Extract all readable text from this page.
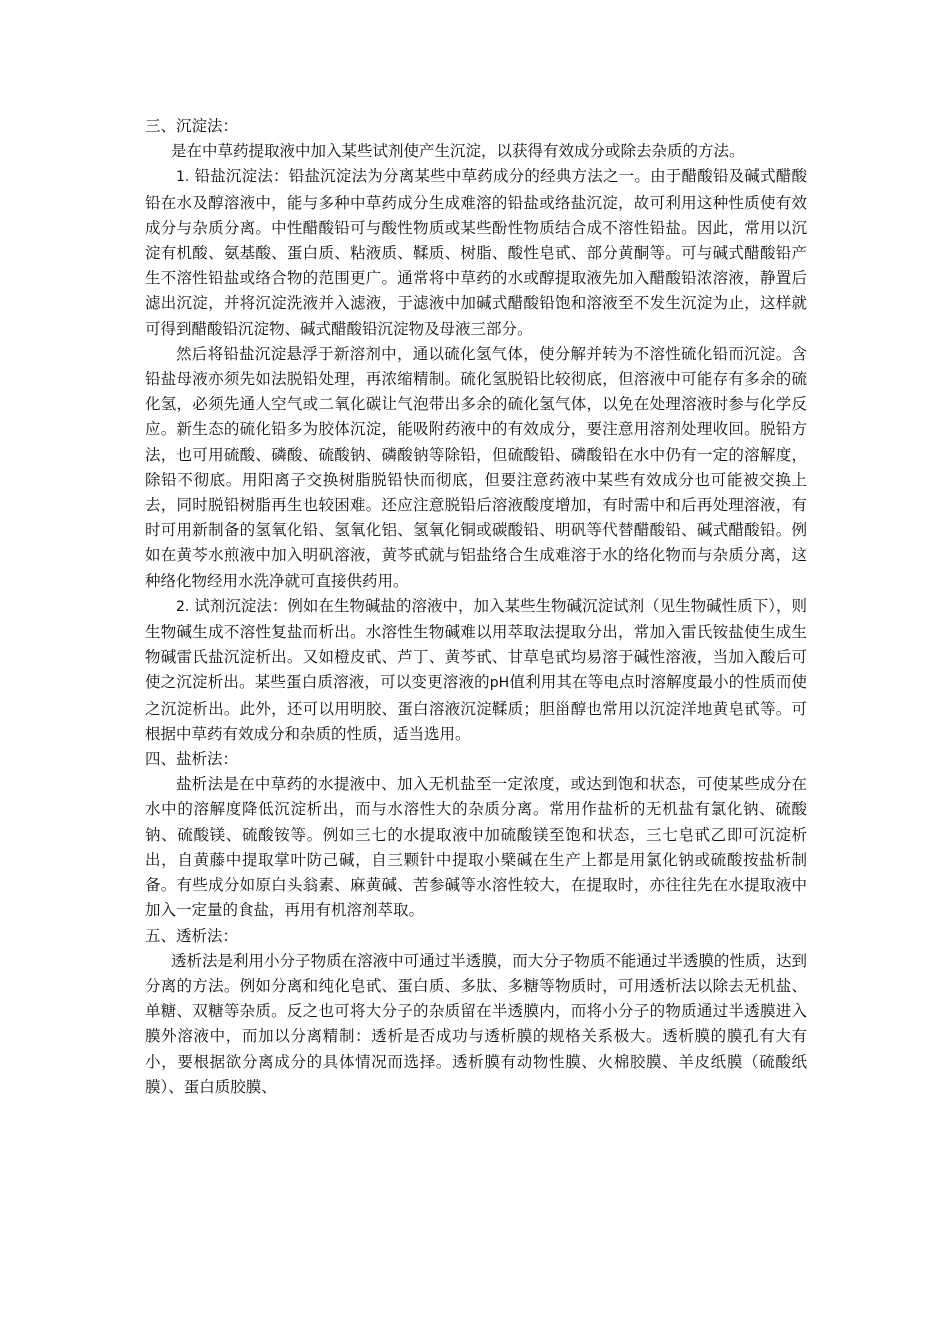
三、沉淀法：

是在中草药提取液中加入某些试剂使产生沉淀，以获得有效成分或除去杂质的方法。

1. 铅盐沉淀法：铅盐沉淀法为分离某些中草药成分的经典方法之一。由于醋酸铅及碱式醋酸铅在水及醇溶液中，能与多种中草药成分生成难溶的铅盐或络盐沉淀，故可利用这种性质使有效成分与杂质分离。中性醋酸铅可与酸性物质或某些酚性物质结合成不溶性铅盐。因此，常用以沉淀有机酸、氨基酸、蛋白质、粘液质、鞣质、树脂、酸性皂甙、部分黄酮等。可与碱式醋酸铅产生不溶性铅盐或络合物的范围更广。通常将中草药的水或醇提取液先加入醋酸铅浓溶液，静置后滤出沉淀，并将沉淀洗液并入滤液，于滤液中加碱式醋酸铅饱和溶液至不发生沉淀为止，这样就可得到醋酸铅沉淀物、碱式醋酸铅沉淀物及母液三部分。

然后将铅盐沉淀悬浮于新溶剂中，通以硫化氢气体，使分解并转为不溶性硫化铅而沉淀。含铅盐母液亦须先如法脱铅处理，再浓缩精制。硫化氢脱铅比较彻底，但溶液中可能存有多余的硫化氢，必须先通人空气或二氧化碳让气泡带出多余的硫化氢气体，以免在处理溶液时参与化学反应。新生态的硫化铅多为胶体沉淀，能吸附药液中的有效成分，要注意用溶剂处理收回。脱铅方法，也可用硫酸、磷酸、硫酸钠、磷酸钠等除铅，但硫酸铅、磷酸铅在水中仍有一定的溶解度，除铅不彻底。用阳离子交换树脂脱铅快而彻底，但要注意药液中某些有效成分也可能被交换上去，同时脱铅树脂再生也较困难。还应注意脱铅后溶液酸度增加，有时需中和后再处理溶液，有时可用新制备的氢氧化铅、氢氧化铝、氢氧化铜或碳酸铅、明矾等代替醋酸铅、碱式醋酸铅。例如在黄芩水煎液中加入明矾溶液，黄芩甙就与铝盐络合生成难溶于水的络化物而与杂质分离，这种络化物经用水洗净就可直接供药用。

2. 试剂沉淀法：例如在生物碱盐的溶液中，加入某些生物碱沉淀试剂（见生物碱性质下），则生物碱生成不溶性复盐而析出。水溶性生物碱难以用萃取法提取分出，常加入雷氏铵盐使生成生物碱雷氏盐沉淀析出。又如橙皮甙、芦丁、黄芩甙、甘草皂甙均易溶于碱性溶液，当加入酸后可使之沉淀析出。某些蛋白质溶液，可以变更溶液的pH值利用其在等电点时溶解度最小的性质而使之沉淀析出。此外，还可以用明胶、蛋白溶液沉淀鞣质；胆甾醇也常用以沉淀洋地黄皂甙等。可根据中草药有效成分和杂质的性质，适当选用。

四、盐析法：

盐析法是在中草药的水提液中、加入无机盐至一定浓度，或达到饱和状态，可使某些成分在水中的溶解度降低沉淀析出，而与水溶性大的杂质分离。常用作盐析的无机盐有氯化钠、硫酸钠、硫酸镁、硫酸铵等。例如三七的水提取液中加硫酸镁至饱和状态，三七皂甙乙即可沉淀析出，自黄藤中提取掌叶防己碱，自三颗针中提取小檗碱在生产上都是用氯化钠或硫酸按盐析制备。有些成分如原白头翁素、麻黄碱、苦参碱等水溶性较大，在提取时，亦往往先在水提取液中加入一定量的食盐，再用有机溶剂萃取。

五、透析法：

透析法是利用小分子物质在溶液中可通过半透膜，而大分子物质不能通过半透膜的性质，达到分离的方法。例如分离和纯化皂甙、蛋白质、多肽、多糖等物质时，可用透析法以除去无机盐、单糖、双糖等杂质。反之也可将大分子的杂质留在半透膜内，而将小分子的物质通过半透膜进入膜外溶液中，而加以分离精制：透析是否成功与透析膜的规格关系极大。透析膜的膜孔有大有小，要根据欲分离成分的具体情况而选择。透析膜有动物性膜、火棉胶膜、羊皮纸膜（硫酸纸膜）、蛋白质胶膜、
